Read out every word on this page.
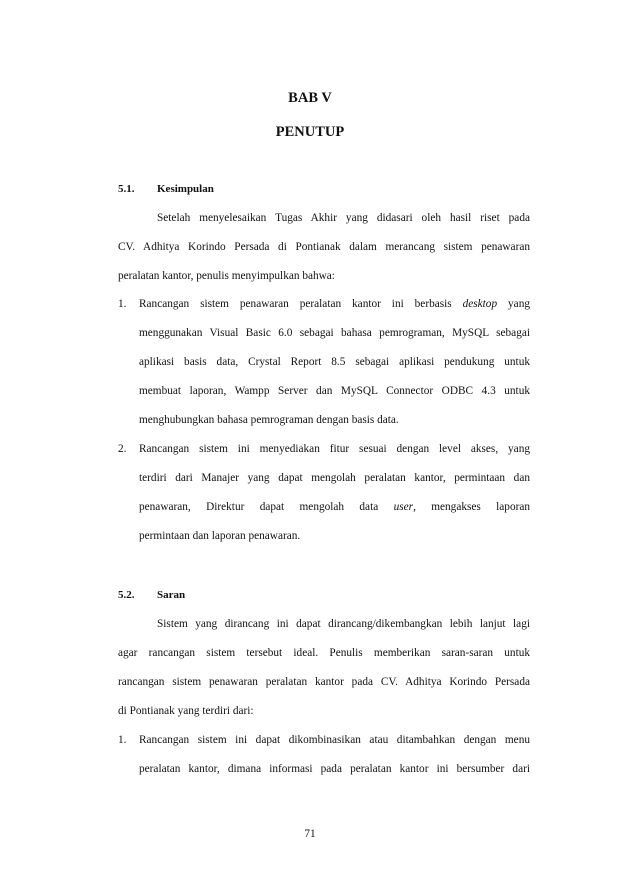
BAB V
PENUTUP
5.1. Kesimpulan
Setelah menyelesaikan Tugas Akhir yang didasari oleh hasil riset pada
CV. Adhitya Korindo Persada di Pontianak dalam merancang sistem penawaran
peralatan kantor, penulis menyimpulkan bahwa:
1. Rancangan sistem penawaran peralatan kantor ini berbasis desktop yang
menggunakan Visual Basic 6.0 sebagai bahasa pemrograman, MySQL sebagai
aplikasi basis data, Crystal Report 8.5 sebagai aplikasi pendukung untuk
membuat laporan, Wampp Server dan MySQL Connector ODBC 4.3 untuk
menghubungkan bahasa pemrograman dengan basis data.
2. Rancangan sistem ini menyediakan fitur sesuai dengan level akses, yang
terdiri dari Manajer yang dapat mengolah peralatan kantor, permintaan dan
penawaran, Direktur dapat mengolah data user, mengakses laporan
permintaan dan laporan penawaran.
5.2. Saran
Sistem yang dirancang ini dapat dirancang/dikembangkan lebih lanjut lagi
agar rancangan sistem tersebut ideal. Penulis memberikan saran-saran untuk
rancangan sistem penawaran peralatan kantor pada CV. Adhitya Korindo Persada
di Pontianak yang terdiri dari:
1. Rancangan sistem ini dapat dikombinasikan atau ditambahkan dengan menu
peralatan kantor, dimana informasi pada peralatan kantor ini bersumber dari
71
